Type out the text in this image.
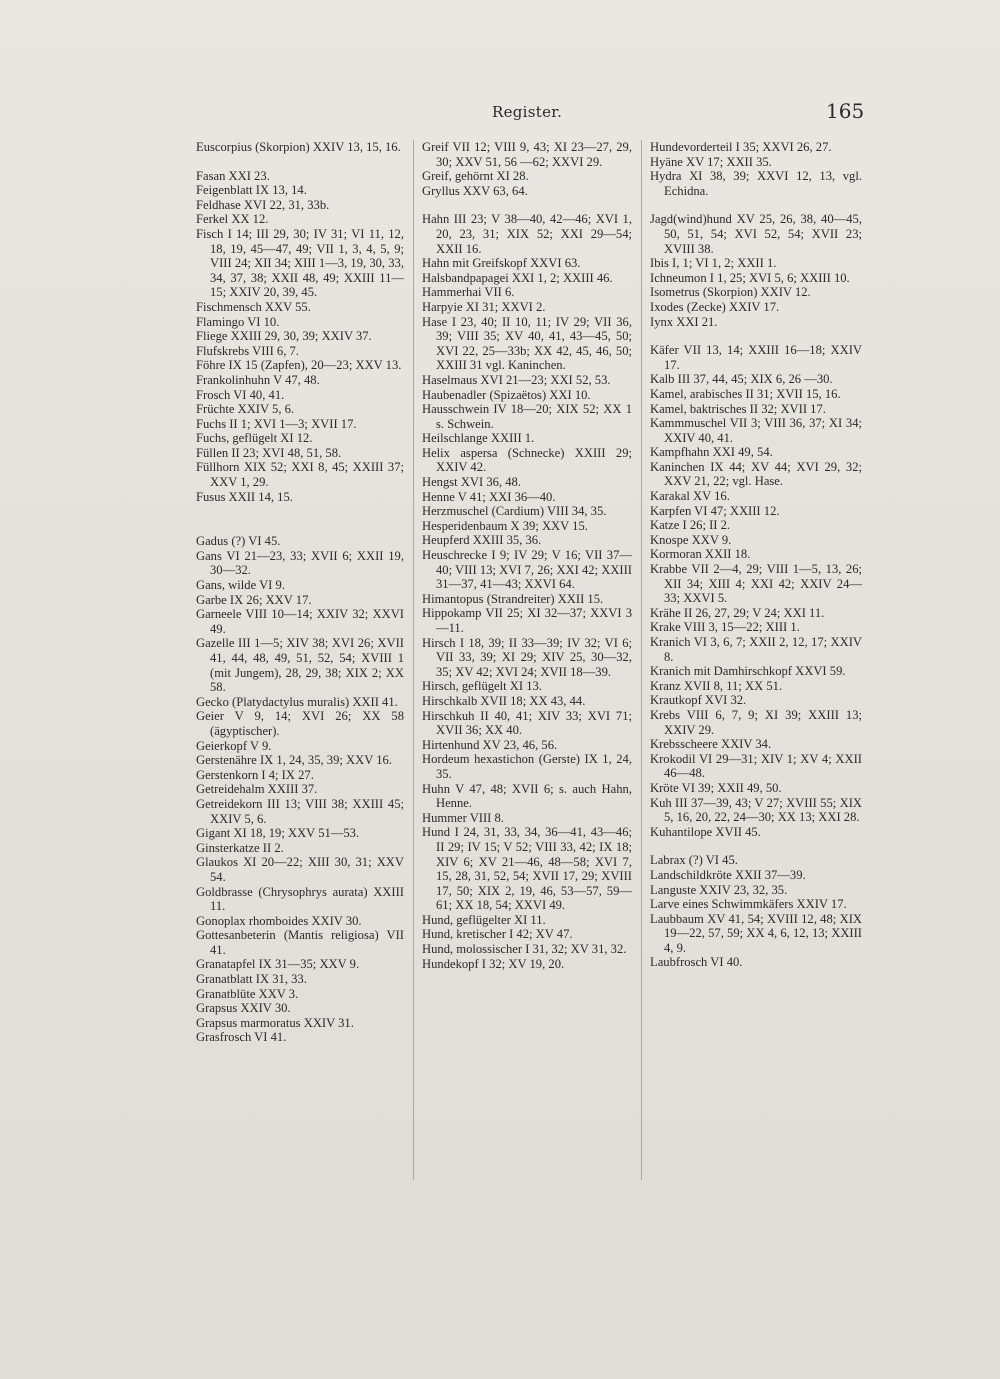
Register.	165

Euscorpius (Skorpion) XXIV 13, 15, 16.

Fasan XXI 23.

Feigenblatt IX 13, 14.

Feldhase XVI 22, 31, 33b.

Ferkel XX 12.

Fisch I 14; III 29, 30; IV 31; VI 11, 12, 18, 19, 45—47, 49; VII 1, 3, 4, 5, 9; VIII 24; XII 34; XIII 1—3, 19, 30, 33, 34, 37, 38; XXII 48, 49; XXIII 11—15; XXIV 20, 39, 45.

Fischmensch XXV 55.

Flamingo VI 10.

Fliege XXIII 29, 30, 39; XXIV 37.

Flufskrebs VIII 6, 7.

Föhre IX 15 (Zapfen), 20—23; XXV 13.

Frankolinhuhn V 47, 48.

Frosch VI 40, 41.

Früchte XXIV 5, 6.

Fuchs II 1; XVI 1—3; XVII 17.

Fuchs, geflügelt XI 12.

Füllen II 23; XVI 48, 51, 58.

Füllhorn XIX 52; XXI 8, 45; XXIII 37; XXV 1, 29.

Fusus XXII 14, 15.

Gadus (?) VI 45.

Gans VI 21—23, 33; XVII 6; XXII 19, 30—32.

Gans, wilde VI 9.

Garbe IX 26; XXV 17.

Garneele VIII 10—14; XXIV 32; XXVI 49.

Gazelle III 1—5; XIV 38; XVI 26; XVII 41, 44, 48, 49, 51, 52, 54; XVIII 1 (mit Jungem), 28, 29, 38; XIX 2; XX 58.

Gecko (Platydactylus muralis) XXII 41.

Geier V 9, 14; XVI 26; XX 58 (ägyptischer).

Geierkopf V 9.

Gerstenähre IX 1, 24, 35, 39; XXV 16.

Gerstenkorn I 4; IX 27.

Getreidehalm XXIII 37.

Getreidekorn III 13; VIII 38; XXIII 45; XXIV 5, 6.

Gigant XI 18, 19; XXV 51—53.

Ginsterkatze II 2.

Glaukos XI 20—22; XIII 30, 31; XXV 54.

Goldbrasse (Chrysophrys aurata) XXIII 11.

Gonoplax rhomboides XXIV 30.

Gottesanbeterin (Mantis religiosa) VII 41.

Granatapfel IX 31—35; XXV 9.

Granatblatt IX 31, 33.

Granatblüte XXV 3.

Grapsus XXIV 30.

Grapsus marmoratus XXIV 31.

Grasfrosch VI 41.

Greif VII 12; VIII 9, 43; XI 23—27, 29, 30; XXV 51, 56 —62; XXVI 29.

Greif, gehörnt XI 28.

Gryllus XXV 63, 64.

Hahn III 23; V 38—40, 42—46; XVI 1, 20, 23, 31; XIX 52; XXI 29—54; XXII 16.

Hahn mit Greifskopf XXVI 63.

Halsbandpapagei XXI 1, 2; XXIII 46.

Hammerhai VII 6.

Harpyie XI 31; XXVI 2.

Hase I 23, 40; II 10, 11; IV 29; VII 36, 39; VIII 35; XV 40, 41, 43—45, 50; XVI 22, 25—33b; XX 42, 45, 46, 50; XXIII 31 vgl. Kaninchen.

Haselmaus XVI 21—23; XXI 52, 53.

Haubenadler (Spizaëtos) XXI 10.

Hausschwein IV 18—20; XIX 52; XX 1 s. Schwein.

Heilschlange XXIII 1.

Helix aspersa (Schnecke) XXIII 29; XXIV 42.

Hengst XVI 36, 48.

Henne V 41; XXI 36—40.

Herzmuschel (Cardium) VIII 34, 35.

Hesperidenbaum X 39; XXV 15.

Heupferd XXIII 35, 36.

Heuschrecke I 9; IV 29; V 16; VII 37—40; VIII 13; XVI 7, 26; XXI 42; XXIII 31—37, 41—43; XXVI 64.

Himantopus (Strandreiter) XXII 15.

Hippokamp VII 25; XI 32—37; XXVI 3—11.

Hirsch I 18, 39; II 33—39; IV 32; VI 6; VII 33, 39; XI 29; XIV 25, 30—32, 35; XV 42; XVI 24; XVII 18—39.

Hirsch, geflügelt XI 13.

Hirschkalb XVII 18; XX 43, 44.

Hirschkuh II 40, 41; XIV 33; XVI 71; XVII 36; XX 40.

Hirtenhund XV 23, 46, 56.

Hordeum hexastichon (Gerste) IX 1, 24, 35.

Huhn V 47, 48; XVII 6; s. auch Hahn, Henne.

Hummer VIII 8.

Hund I 24, 31, 33, 34, 36—41, 43—46; II 29; IV 15; V 52; VIII 33, 42; IX 18; XIV 6; XV 21—46, 48—58; XVI 7, 15, 28, 31, 52, 54; XVII 17, 29; XVIII 17, 50; XIX 2, 19, 46, 53—57, 59—61; XX 18, 54; XXVI 49.

Hund, geflügelter XI 11.

Hund, kretischer I 42; XV 47.

Hund, molossischer I 31, 32; XV 31, 32.

Hundekopf I 32; XV 19, 20.

Hundevorderteil I 35; XXVI 26, 27.

Hyäne XV 17; XXII 35.

Hydra XI 38, 39; XXVI 12, 13, vgl. Echidna.

Jagd(wind)hund XV 25, 26, 38, 40—45, 50, 51, 54; XVI 52, 54; XVII 23; XVIII 38.

Ibis I, 1; VI 1, 2; XXII 1.

Ichneumon I 1, 25; XVI 5, 6; XXIII 10.

Isometrus (Skorpion) XXIV 12.

Ixodes (Zecke) XXIV 17.

Iynx XXI 21.

Käfer VII 13, 14; XXIII 16—18; XXIV 17.

Kalb III 37, 44, 45; XIX 6, 26 —30.

Kamel, arabisches II 31; XVII 15, 16.

Kamel, baktrisches II 32; XVII 17.

Kammmuschel VII 3; VIII 36, 37; XI 34; XXIV 40, 41.

Kampfhahn XXI 49, 54.

Kaninchen IX 44; XV 44; XVI 29, 32; XXV 21, 22; vgl. Hase.

Karakal XV 16.

Karpfen VI 47; XXIII 12.

Katze I 26; II 2.

Knospe XXV 9.

Kormoran XXII 18.

Krabbe VII 2—4, 29; VIII 1—5, 13, 26; XII 34; XIII 4; XXI 42; XXIV 24—33; XXVI 5.

Krähe II 26, 27, 29; V 24; XXI 11.

Krake VIII 3, 15—22; XIII 1.

Kranich VI 3, 6, 7; XXII 2, 12, 17; XXIV 8.

Kranich mit Damhirschkopf XXVI 59.

Kranz XVII 8, 11; XX 51.

Krautkopf XVI 32.

Krebs VIII 6, 7, 9; XI 39; XXIII 13; XXIV 29.

Krebsscheere XXIV 34.

Krokodil VI 29—31; XIV 1; XV 4; XXII 46—48.

Kröte VI 39; XXII 49, 50.

Kuh III 37—39, 43; V 27; XVIII 55; XIX 5, 16, 20, 22, 24—30; XX 13; XXI 28.

Kuhantilope XVII 45.

Labrax (?) VI 45.

Landschildkröte XXII 37—39.

Languste XXIV 23, 32, 35.

Larve eines Schwimmkäfers XXIV 17.

Laubbaum XV 41, 54; XVIII 12, 48; XIX 19—22, 57, 59; XX 4, 6, 12, 13; XXIII 4, 9.

Laubfrosch VI 40.
